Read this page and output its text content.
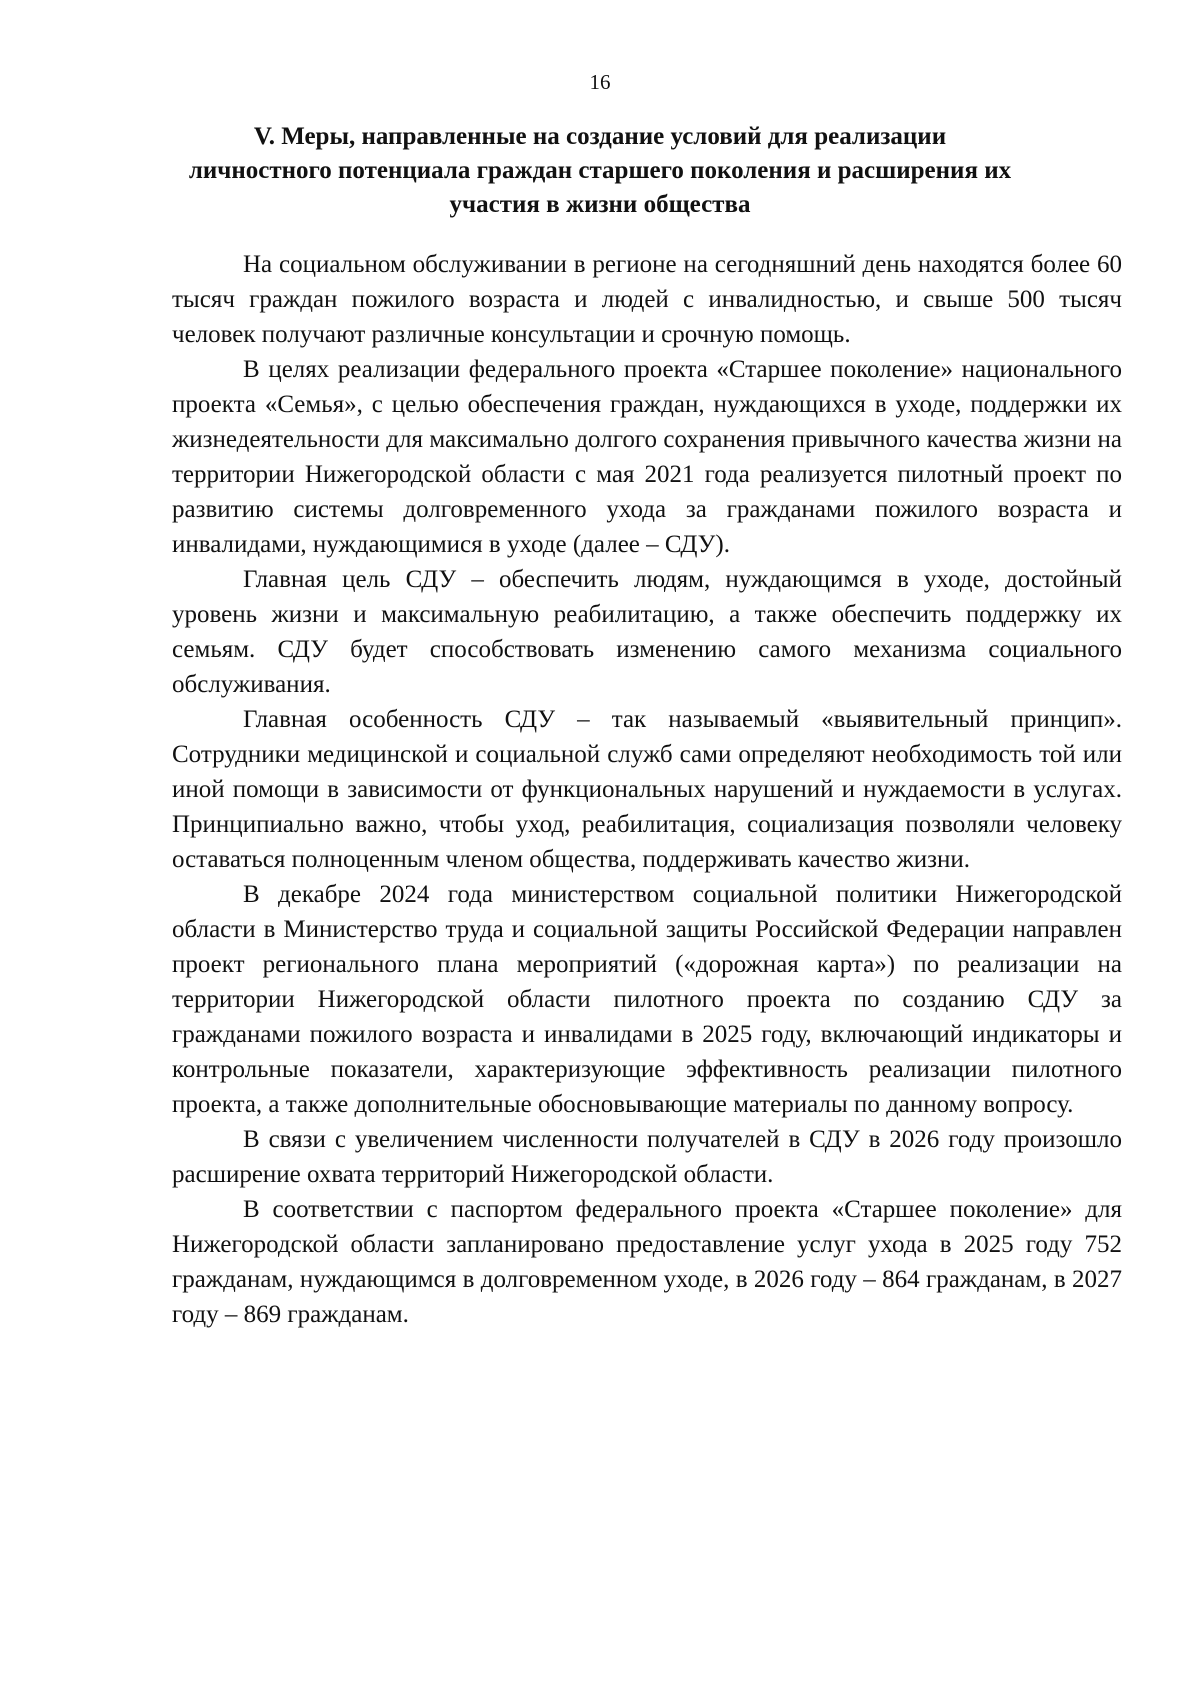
16
V. Меры, направленные на создание условий для реализации
личностного потенциала граждан старшего поколения и расширения их
участия в жизни общества

На социальном обслуживании в регионе на сегодняшний день находятся более 60 тысяч граждан пожилого возраста и людей с инвалидностью, и свыше 500 тысяч человек получают различные консультации и срочную помощь.

В целях реализации федерального проекта «Старшее поколение» национального проекта «Семья», с целью обеспечения граждан, нуждающихся в уходе, поддержки их жизнедеятельности для максимально долгого сохранения привычного качества жизни на территории Нижегородской области с мая 2021 года реализуется пилотный проект по развитию системы долговременного ухода за гражданами пожилого возраста и инвалидами, нуждающимися в уходе (далее – СДУ).

Главная цель СДУ – обеспечить людям, нуждающимся в уходе, достойный уровень жизни и максимальную реабилитацию, а также обеспечить поддержку их семьям. СДУ будет способствовать изменению самого механизма социального обслуживания.

Главная особенность СДУ – так называемый «выявительный принцип». Сотрудники медицинской и социальной служб сами определяют необходимость той или иной помощи в зависимости от функциональных нарушений и нуждаемости в услугах. Принципиально важно, чтобы уход, реабилитация, социализация позволяли человеку оставаться полноценным членом общества, поддерживать качество жизни.

В декабре 2024 года министерством социальной политики Нижегородской области в Министерство труда и социальной защиты Российской Федерации направлен проект регионального плана мероприятий («дорожная карта») по реализации на территории Нижегородской области пилотного проекта по созданию СДУ за гражданами пожилого возраста и инвалидами в 2025 году, включающий индикаторы и контрольные показатели, характеризующие эффективность реализации пилотного проекта, а также дополнительные обосновывающие материалы по данному вопросу.

В связи с увеличением численности получателей в СДУ в 2026 году произошло расширение охвата территорий Нижегородской области.

В соответствии с паспортом федерального проекта «Старшее поколение» для Нижегородской области запланировано предоставление услуг ухода в 2025 году 752 гражданам, нуждающимся в долговременном уходе, в 2026 году – 864 гражданам, в 2027 году – 869 гражданам.
